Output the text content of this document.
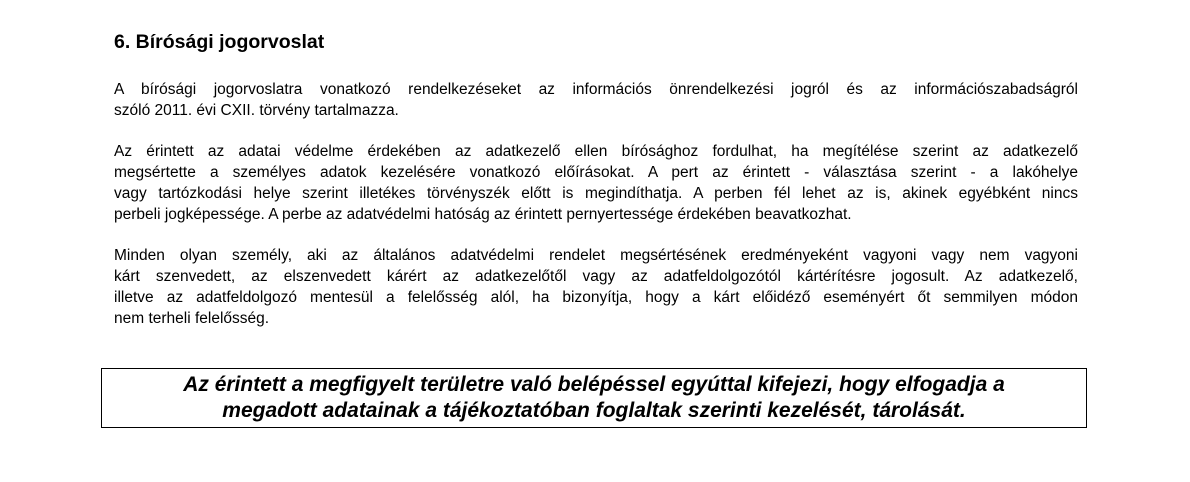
6. Bírósági jogorvoslat
A bírósági jogorvoslatra vonatkozó rendelkezéseket az információs önrendelkezési jogról és az információszabadságról
szóló 2011. évi CXII. törvény tartalmazza.
Az érintett az adatai védelme érdekében az adatkezelő ellen bírósághoz fordulhat, ha megítélése szerint az adatkezelő
megsértette a személyes adatok kezelésére vonatkozó előírásokat. A pert az érintett - választása szerint - a lakóhelye
vagy tartózkodási helye szerint illetékes törvényszék előtt is megindíthatja. A perben fél lehet az is, akinek egyébként nincs
perbeli jogképessége. A perbe az adatvédelmi hatóság az érintett pernyertessége érdekében beavatkozhat.
Minden olyan személy, aki az általános adatvédelmi rendelet megsértésének eredményeként vagyoni vagy nem vagyoni
kárt szenvedett, az elszenvedett kárért az adatkezelőtől vagy az adatfeldolgozótól kártérítésre jogosult. Az adatkezelő,
illetve az adatfeldolgozó mentesül a felelősség alól, ha bizonyítja, hogy a kárt előidéző eseményért őt semmilyen módon
nem terheli felelősség.
Az érintett a megfigyelt területre való belépéssel egyúttal kifejezi, hogy elfogadja a
megadott adatainak a tájékoztatóban foglaltak szerinti kezelését, tárolását.
